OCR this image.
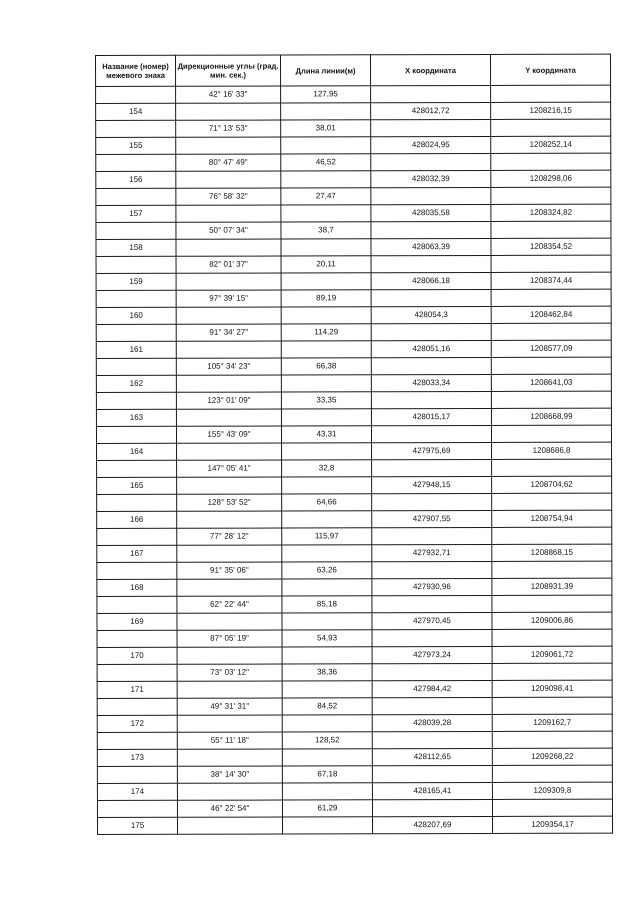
Название (номер) межевого знака	Дирекционные углы (град. мин. сек.)	Длина линии(м)	X координата	Y координата
	42° 16' 33"	127,95		
154			428012,72	1208216,15
	71° 13' 53"	38,01		
155			428024,95	1208252,14
	80° 47' 49"	46,52		
156			428032,39	1208298,06
	76° 58' 32"	27,47		
157			428035,58	1208324,82
	50° 07' 34"	38,7		
158			428063,39	1208354,52
	82° 01' 37"	20,11		
159			428066,18	1208374,44
	97° 39' 15"	89,19		
160			428054,3	1208462,84
	91° 34' 27"	114,29		
161			428051,16	1208577,09
	105° 34' 23"	66,38		
162			428033,34	1208641,03
	123° 01' 09"	33,35		
163			428015,17	1208668,99
	155° 43' 09"	43,31		
164			427975,69	1208686,8
	147° 05' 41"	32,8		
165			427948,15	1208704,62
	128° 53' 52"	64,66		
166			427907,55	1208754,94
	77° 28' 12"	115,97		
167			427932,71	1208868,15
	91° 35' 06"	63,26		
168			427930,96	1208931,39
	62° 22' 44"	85,18		
169			427970,45	1209006,86
	87° 05' 19"	54,93		
170			427973,24	1209061,72
	73° 03' 12"	38,36		
171			427984,42	1209098,41
	49° 31' 31"	84,52		
172			428039,28	1209162,7
	55° 11' 18"	128,52		
173			428112,65	1209268,22
	38° 14' 30"	67,18		
174			428165,41	1209309,8
	46° 22' 54"	61,29		
175			428207,69	1209354,17
